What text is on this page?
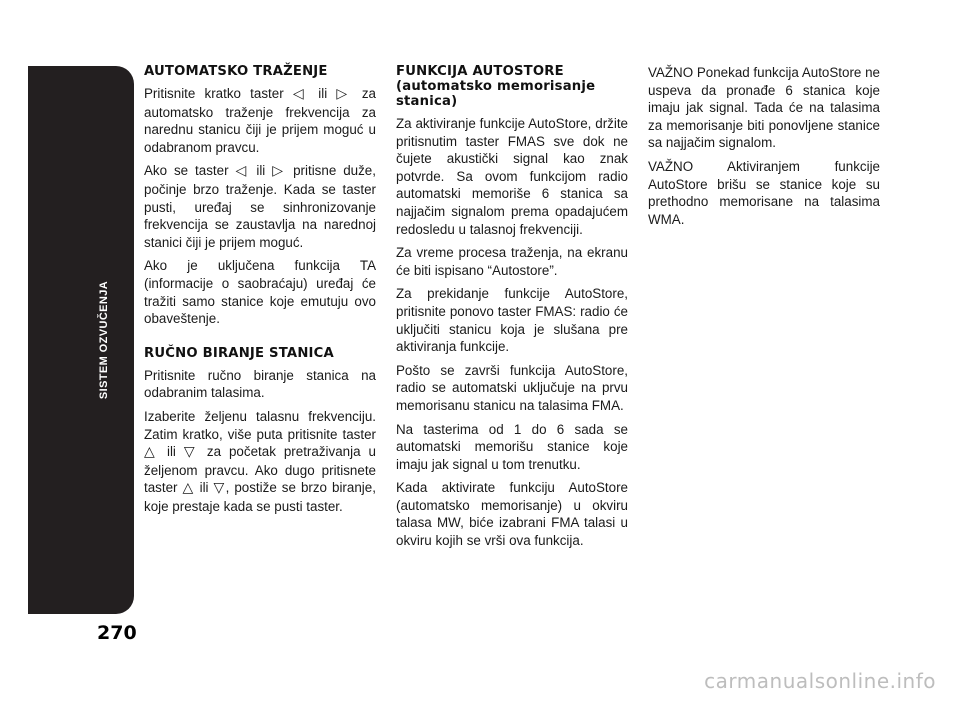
SISTEM OZVUČENJA
270
AUTOMATSKO TRAŽENJE

Pritisnite kratko taster ◁ ili ▷ za automatsko traženje frekvencija za narednu stanicu čiji je prijem moguć u odabranom pravcu.

Ako se taster ◁ ili ▷ pritisne duže, počinje brzo traženje. Kada se taster pusti, uređaj se sinhronizovanje frekvencija se zaustavlja na narednoj stanici čiji je prijem moguć.

Ako je uključena funkcija TA (informacije o saobraćaju) uređaj će tražiti samo stanice koje emutuju ovo obaveštenje.

RUČNO BIRANJE STANICA

Pritisnite ručno biranje stanica na odabranim talasima.

Izaberite željenu talasnu frekvenciju. Zatim kratko, više puta pritisnite taster △ ili ▽ za početak pretraživanja u željenom pravcu. Ako dugo pritisnete taster △ ili ▽, postiže se brzo biranje, koje prestaje kada se pusti taster.

FUNKCIJA AUTOSTORE (automatsko memorisanje stanica)

Za aktiviranje funkcije AutoStore, držite pritisnutim taster FMAS sve dok ne čujete akustički signal kao znak potvrde. Sa ovom funkcijom radio automatski memoriše 6 stanica sa najjačim signalom prema opadajućem redosledu u talasnoj frekvenciji.

Za vreme procesa traženja, na ekranu će biti ispisano “Autostore”.

Za prekidanje funkcije AutoStore, pritisnite ponovo taster FMAS: radio će uključiti stanicu koja je slušana pre aktiviranja funkcije.

Pošto se završi funkcija AutoStore, radio se automatski uključuje na prvu memorisanu stanicu na talasima FMA.

Na tasterima od 1 do 6 sada se automatski memorišu stanice koje imaju jak signal u tom trenutku.

Kada aktivirate funkciju AutoStore (automatsko memorisanje) u okviru talasa MW, biće izabrani FMA talasi u okviru kojih se vrši ova funkcija.

VAŽNO Ponekad funkcija AutoStore ne uspeva da pronađe 6 stanica koje imaju jak signal. Tada će na talasima za memorisanje biti ponovljene stanice sa najjačim signalom.

VAŽNO Aktiviranjem funkcije AutoStore brišu se stanice koje su prethodno memorisane na talasima WMA.

carmanualsonline.info
